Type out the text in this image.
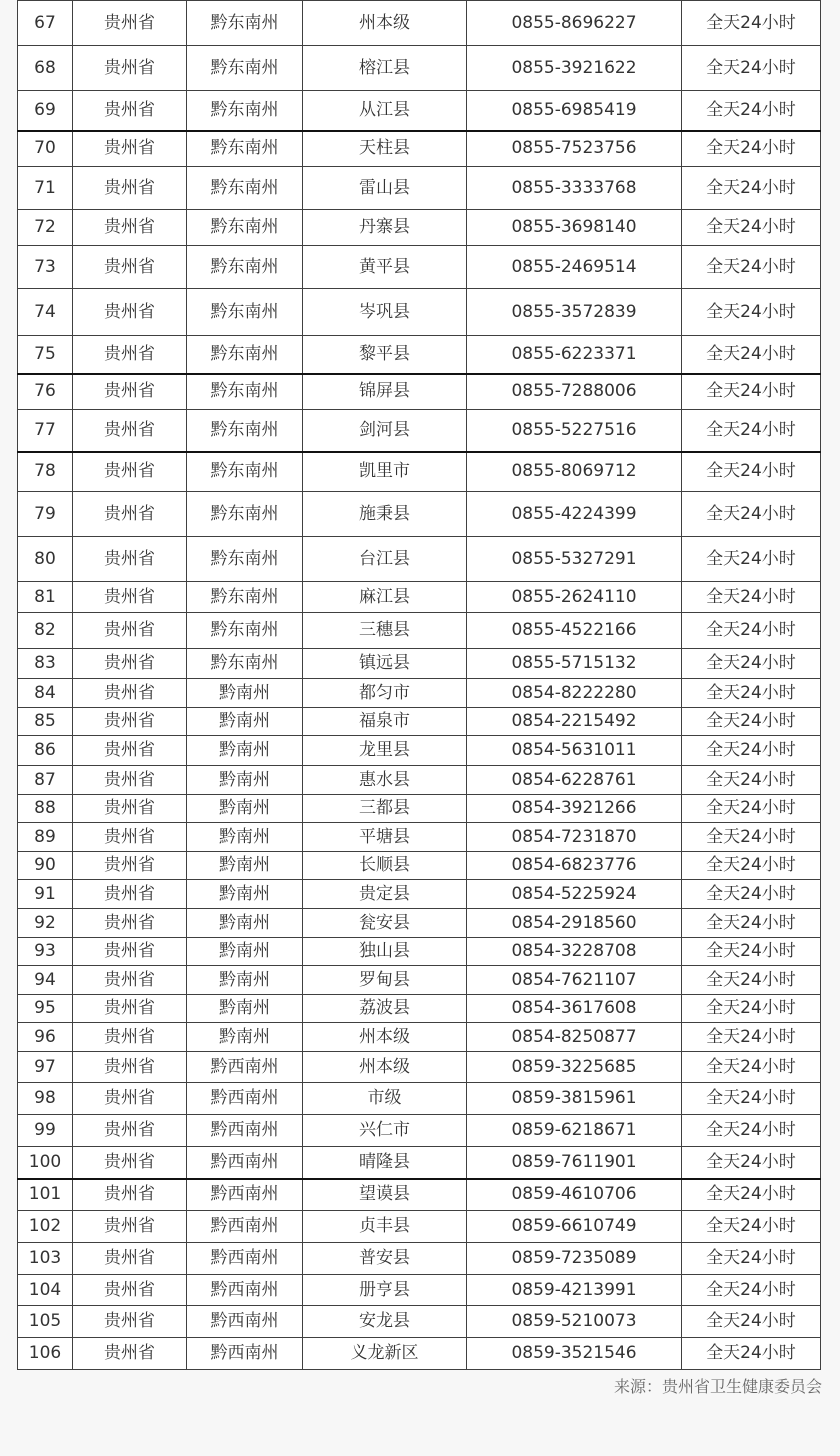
67	贵州省	黔东南州	州本级	0855-8696227	全天24小时
68	贵州省	黔东南州	榕江县	0855-3921622	全天24小时
69	贵州省	黔东南州	从江县	0855-6985419	全天24小时
70	贵州省	黔东南州	天柱县	0855-7523756	全天24小时
71	贵州省	黔东南州	雷山县	0855-3333768	全天24小时
72	贵州省	黔东南州	丹寨县	0855-3698140	全天24小时
73	贵州省	黔东南州	黄平县	0855-2469514	全天24小时
74	贵州省	黔东南州	岑巩县	0855-3572839	全天24小时
75	贵州省	黔东南州	黎平县	0855-6223371	全天24小时
76	贵州省	黔东南州	锦屏县	0855-7288006	全天24小时
77	贵州省	黔东南州	剑河县	0855-5227516	全天24小时
78	贵州省	黔东南州	凯里市	0855-8069712	全天24小时
79	贵州省	黔东南州	施秉县	0855-4224399	全天24小时
80	贵州省	黔东南州	台江县	0855-5327291	全天24小时
81	贵州省	黔东南州	麻江县	0855-2624110	全天24小时
82	贵州省	黔东南州	三穗县	0855-4522166	全天24小时
83	贵州省	黔东南州	镇远县	0855-5715132	全天24小时
84	贵州省	黔南州	都匀市	0854-8222280	全天24小时
85	贵州省	黔南州	福泉市	0854-2215492	全天24小时
86	贵州省	黔南州	龙里县	0854-5631011	全天24小时
87	贵州省	黔南州	惠水县	0854-6228761	全天24小时
88	贵州省	黔南州	三都县	0854-3921266	全天24小时
89	贵州省	黔南州	平塘县	0854-7231870	全天24小时
90	贵州省	黔南州	长顺县	0854-6823776	全天24小时
91	贵州省	黔南州	贵定县	0854-5225924	全天24小时
92	贵州省	黔南州	瓮安县	0854-2918560	全天24小时
93	贵州省	黔南州	独山县	0854-3228708	全天24小时
94	贵州省	黔南州	罗甸县	0854-7621107	全天24小时
95	贵州省	黔南州	荔波县	0854-3617608	全天24小时
96	贵州省	黔南州	州本级	0854-8250877	全天24小时
97	贵州省	黔西南州	州本级	0859-3225685	全天24小时
98	贵州省	黔西南州	市级	0859-3815961	全天24小时
99	贵州省	黔西南州	兴仁市	0859-6218671	全天24小时
100	贵州省	黔西南州	晴隆县	0859-7611901	全天24小时
101	贵州省	黔西南州	望谟县	0859-4610706	全天24小时
102	贵州省	黔西南州	贞丰县	0859-6610749	全天24小时
103	贵州省	黔西南州	普安县	0859-7235089	全天24小时
104	贵州省	黔西南州	册亨县	0859-4213991	全天24小时
105	贵州省	黔西南州	安龙县	0859-5210073	全天24小时
106	贵州省	黔西南州	义龙新区	0859-3521546	全天24小时
来源：贵州省卫生健康委员会
